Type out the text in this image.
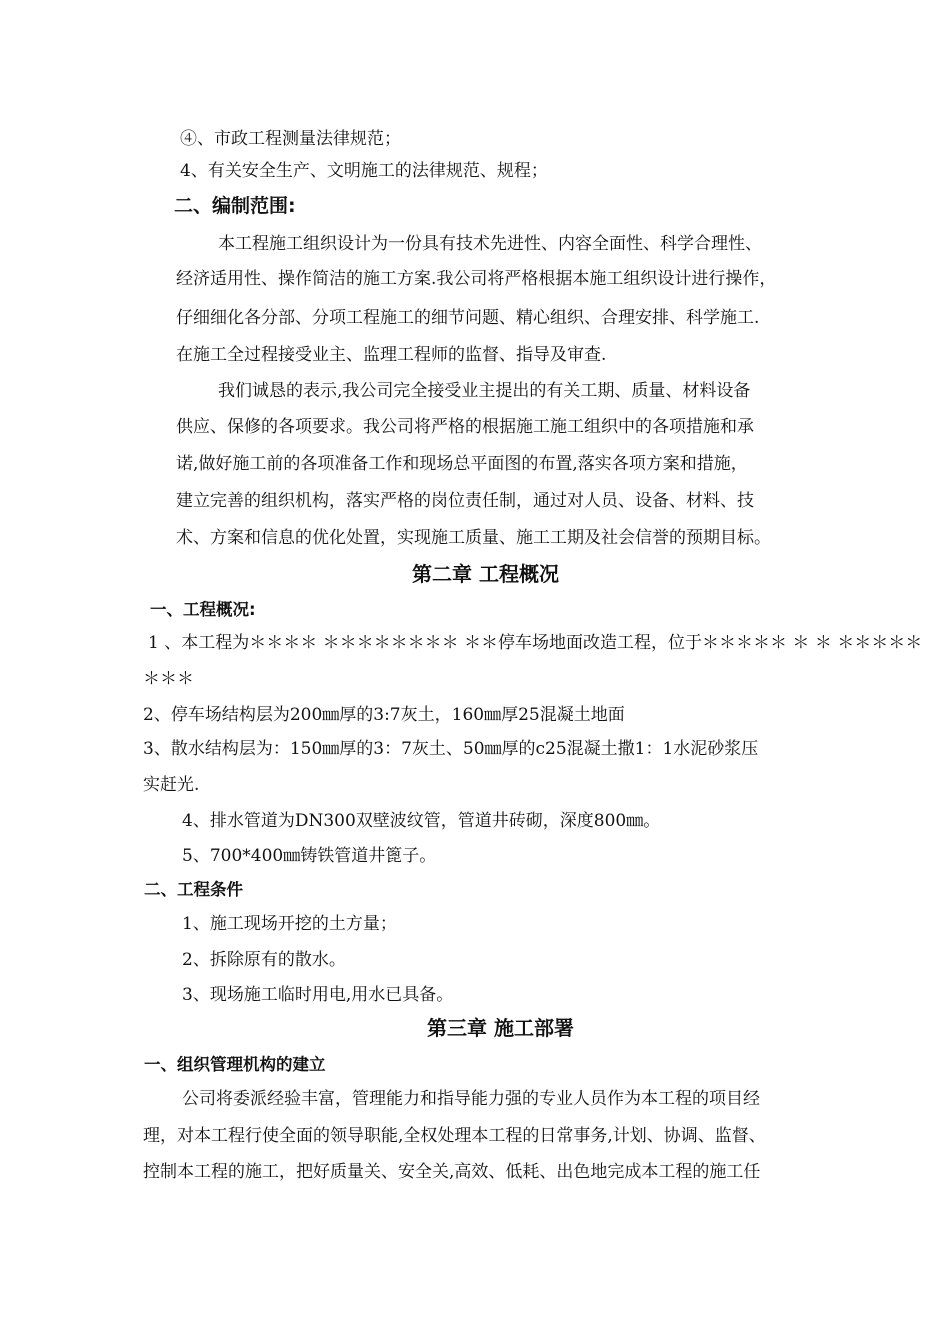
④、市政工程测量法律规范；
4、有关安全生产、文明施工的法律规范、规程；
二、编制范围:
本工程施工组织设计为一份具有技术先进性、内容全面性、科学合理性、
经济适用性、操作简洁的施工方案.我公司将严格根据本施工组织设计进行操作，
仔细细化各分部、分项工程施工的细节问题、精心组织、合理安排、科学施工.
在施工全过程接受业主、监理工程师的监督、指导及审查.
我们诚恳的表示,我公司完全接受业主提出的有关工期、质量、材料设备
供应、保修的各项要求。我公司将严格的根据施工施工组织中的各项措施和承
诺,做好施工前的各项准备工作和现场总平面图的布置,落实各项方案和措施，
建立完善的组织机构，落实严格的岗位责任制，通过对人员、设备、材料、技
术、方案和信息的优化处置，实现施工质量、施工工期及社会信誉的预期目标。
第二章 工程概况
一、工程概况:
1 、本工程为＊＊＊＊ ＊＊＊＊＊＊＊＊ ＊＊停车场地面改造工程，位于＊＊＊＊＊ ＊ ＊ ＊＊＊＊＊
＊＊＊
2、停车场结构层为200㎜厚的3:7灰土，160㎜厚25混凝土地面
3、散水结构层为：150㎜厚的3：7灰土、50㎜厚的c25混凝土撒1：1水泥砂浆压
实赶光.
4、排水管道为DN300双壁波纹管，管道井砖砌，深度800㎜。
5、700*400㎜铸铁管道井篦子。
二、工程条件
1、施工现场开挖的土方量；
2、拆除原有的散水。
3、现场施工临时用电,用水已具备。
第三章 施工部署
一、组织管理机构的建立
公司将委派经验丰富，管理能力和指导能力强的专业人员作为本工程的项目经
理，对本工程行使全面的领导职能,全权处理本工程的日常事务,计划、协调、监督、
控制本工程的施工，把好质量关、安全关,高效、低耗、出色地完成本工程的施工任
